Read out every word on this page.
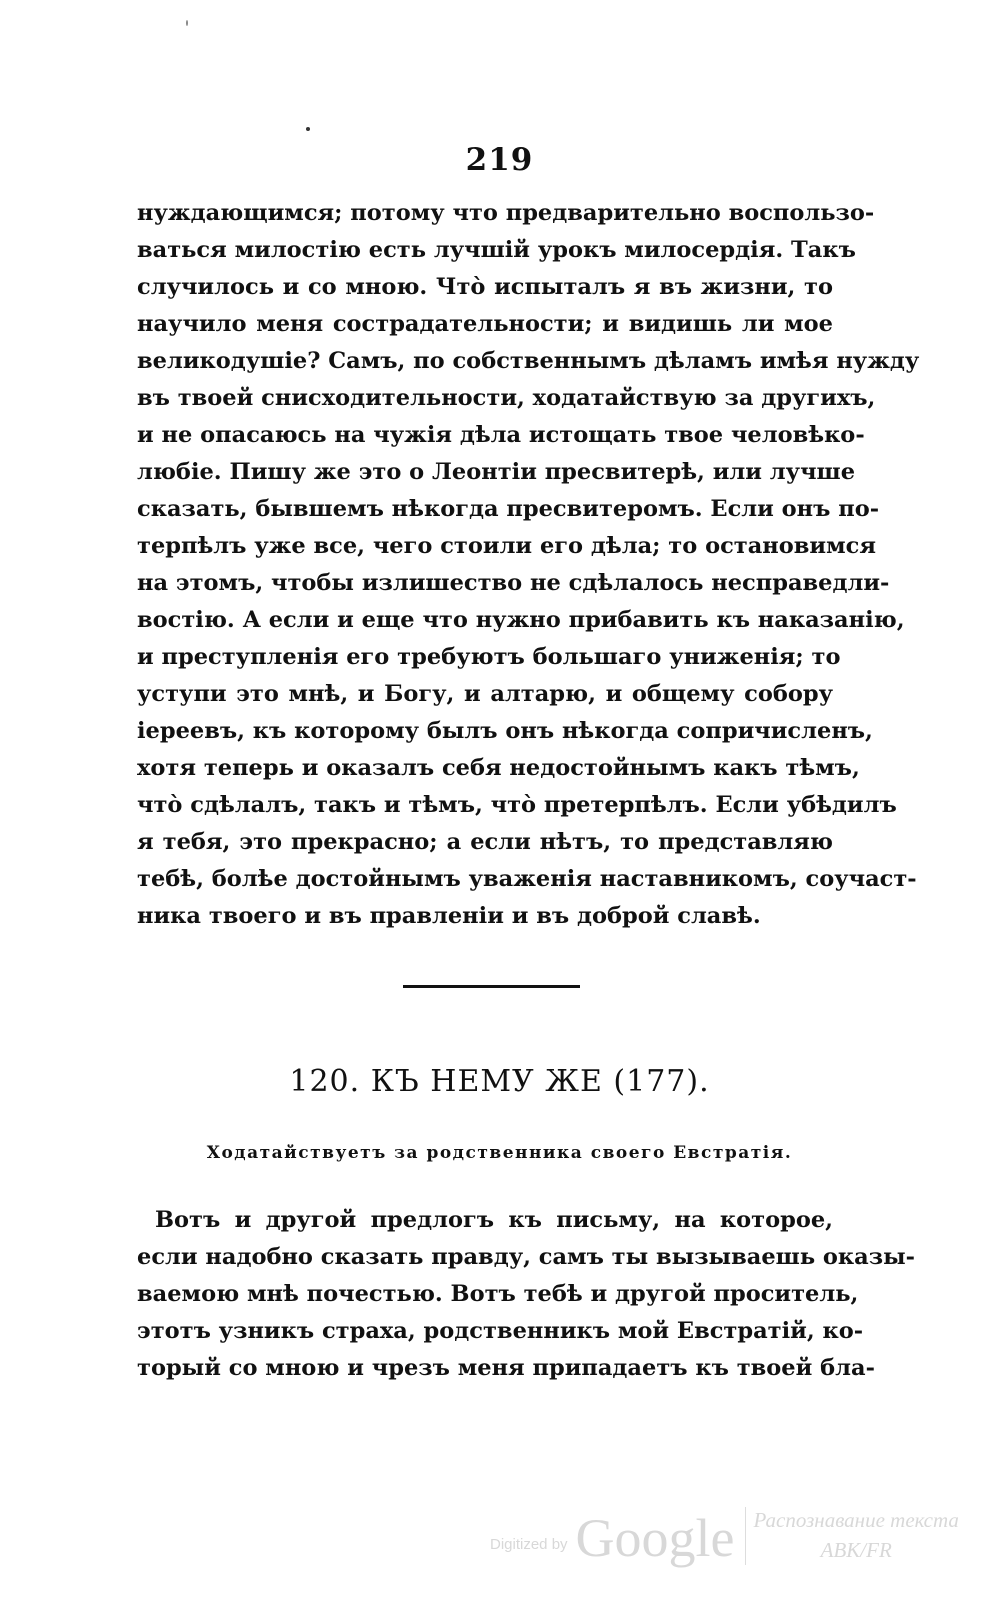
219
нуждающимся; потому что предварительно воспользо-
ваться милостію есть лучшій урокъ милосердія. Такъ
случилось и со мною. Чтò испыталъ я въ жизни, то
научило меня сострадательности; и видишь ли мое
великодушіе? Самъ, по собственнымъ дѣламъ имѣя нужду
въ твоей снисходительности, ходатайствую за другихъ,
и не опасаюсь на чужія дѣла истощать твое человѣко-
любіе. Пишу же это о Леонтіи пресвитерѣ, или лучше
сказать, бывшемъ нѣкогда пресвитеромъ. Если онъ по-
терпѣлъ уже все, чего стоили его дѣла; то остановимся
на этомъ, чтобы излишество не сдѣлалось несправедли-
востію. А если и еще что нужно прибавить къ наказанію,
и преступленія его требуютъ большаго униженія; то
уступи это мнѣ, и Богу, и алтарю, и общему собору
іереевъ, къ которому былъ онъ нѣкогда сопричисленъ,
хотя теперь и оказалъ себя недостойнымъ какъ тѣмъ,
чтò сдѣлалъ, такъ и тѣмъ, чтò претерпѣлъ. Если убѣдилъ
я тебя, это прекрасно; а если нѣтъ, то представляю
тебѣ, болѣе достойнымъ уваженія наставникомъ, соучаст-
ника твоего и въ правленіи и въ доброй славѣ.
120. КЪ НЕМУ ЖЕ (177).
Ходатайствуетъ за родственника своего Евстратія.
Вотъ и другой предлогъ къ письму, на которое,
если надобно сказать правду, самъ ты вызываешь оказы-
ваемою мнѣ почестью. Вотъ тебѣ и другой проситель,
этотъ узникъ страха, родственникъ мой Евстратій, ко-
торый со мною и чрезъ меня припадаетъ къ твоей бла-
Digitized by Google Распознавание текста
ABK/FR
